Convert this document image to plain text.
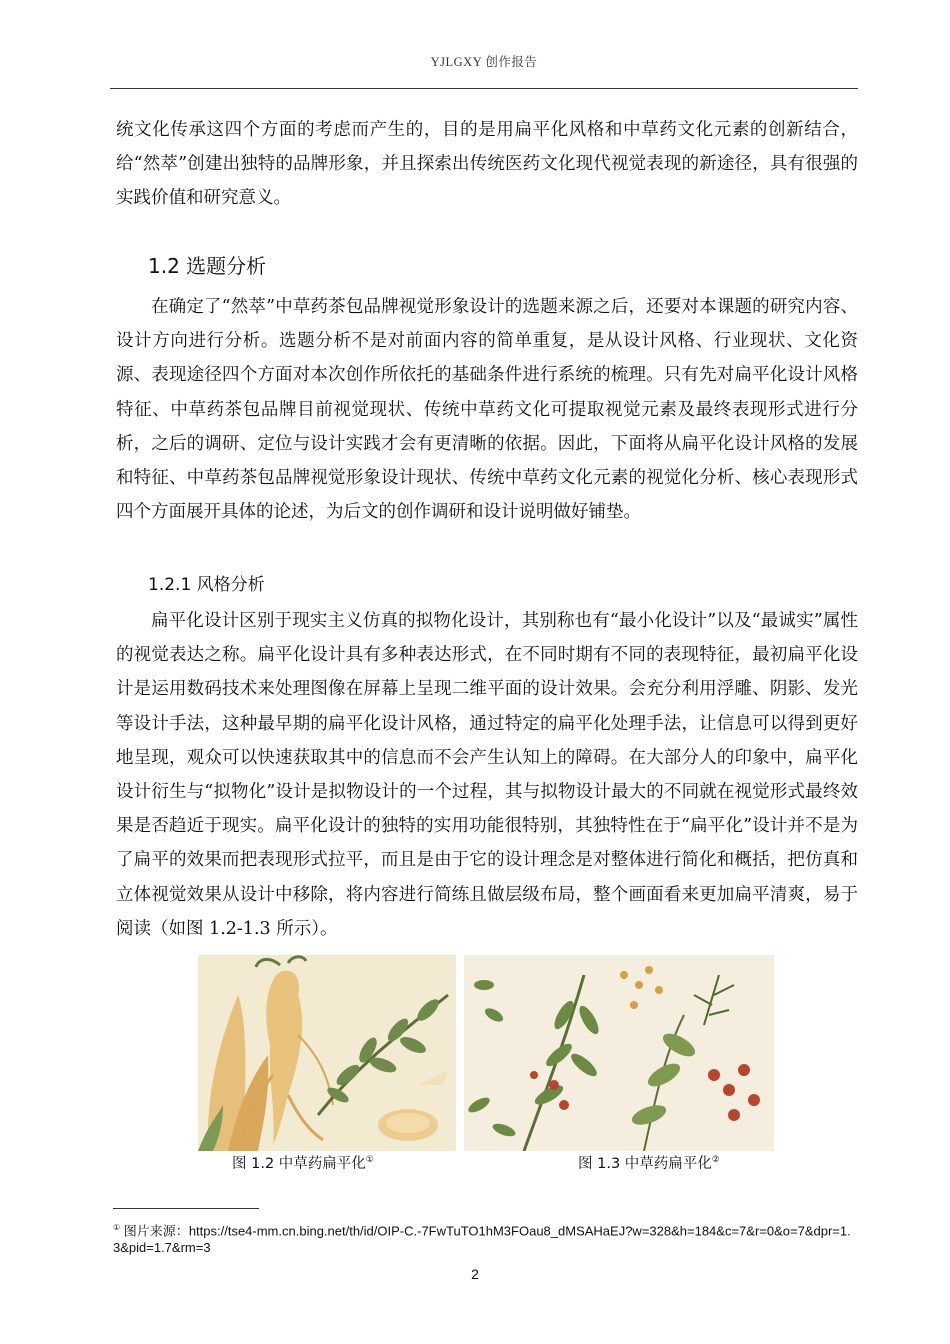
YJLGXY 创作报告
统文化传承这四个方面的考虑而产生的，目的是用扁平化风格和中草药文化元素的创新结合，给“然萃”创建出独特的品牌形象，并且探索出传统医药文化现代视觉表现的新途径，具有很强的实践价值和研究意义。
1.2 选题分析
在确定了“然萃”中草药茶包品牌视觉形象设计的选题来源之后，还要对本课题的研究内容、设计方向进行分析。选题分析不是对前面内容的简单重复，是从设计风格、行业现状、文化资源、表现途径四个方面对本次创作所依托的基础条件进行系统的梳理。只有先对扁平化设计风格特征、中草药茶包品牌目前视觉现状、传统中草药文化可提取视觉元素及最终表现形式进行分析，之后的调研、定位与设计实践才会有更清晰的依据。因此，下面将从扁平化设计风格的发展和特征、中草药茶包品牌视觉形象设计现状、传统中草药文化元素的视觉化分析、核心表现形式四个方面展开具体的论述，为后文的创作调研和设计说明做好铺垫。
1.2.1 风格分析
扁平化设计区别于现实主义仿真的拟物化设计，其别称也有“最小化设计”以及“最诚实”属性的视觉表达之称。扁平化设计具有多种表达形式，在不同时期有不同的表现特征，最初扁平化设计是运用数码技术来处理图像在屏幕上呈现二维平面的设计效果。会充分利用浮雕、阴影、发光等设计手法，这种最早期的扁平化设计风格，通过特定的扁平化处理手法，让信息可以得到更好地呈现，观众可以快速获取其中的信息而不会产生认知上的障碍。在大部分人的印象中，扁平化设计衍生与“拟物化”设计是拟物设计的一个过程，其与拟物设计最大的不同就在视觉形式最终效果是否趋近于现实。扁平化设计的独特的实用功能很特别，其独特性在于“扁平化”设计并不是为了扁平的效果而把表现形式拉平，而且是由于它的设计理念是对整体进行简化和概括，把仿真和立体视觉效果从设计中移除，将内容进行简练且做层级布局，整个画面看来更加扁平清爽，易于阅读（如图 1.2-1.3 所示）。
图 1.2 中草药扁平化①	图 1.3 中草药扁平化②
① 图片来源：https://tse4-mm.cn.bing.net/th/id/OIP-C.-7FwTuTO1hM3FOau8_dMSAHaEJ?w=328&h=184&c=7&r=0&o=7&dpr=1.3&pid=1.7&rm=3
2
